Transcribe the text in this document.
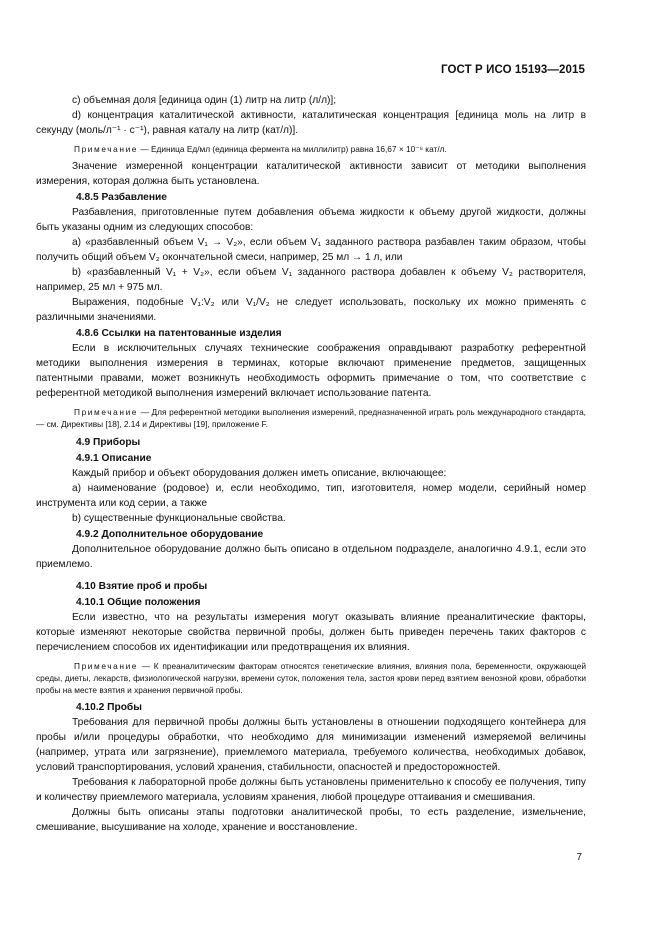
ГОСТ Р ИСО 15193—2015

c) объемная доля [единица один (1) литр на литр (л/л)];

d) концентрация каталитической активности, каталитическая концентрация [единица моль на литр в секунду (моль/л⁻¹ · с⁻¹), равная каталу на литр (кат/л)].

Примечание — Единица Ед/мл (единица фермента на миллилитр) равна 16,67 × 10⁻⁶ кат/л.

Значение измеренной концентрации каталитической активности зависит от методики выполнения измерения, которая должна быть установлена.

4.8.5 Разбавление

Разбавления, приготовленные путем добавления объема жидкости к объему другой жидкости, должны быть указаны одним из следующих способов:

a) «разбавленный объем V₁ → V₂», если объем V₁ заданного раствора разбавлен таким образом, чтобы получить общий объем V₂ окончательной смеси, например, 25 мл → 1 л, или

b) «разбавленный V₁ + V₂», если объем V₁ заданного раствора добавлен к объему V₂ растворителя, например, 25 мл + 975 мл.

Выражения, подобные V₁:V₂ или V₁/V₂ не следует использовать, поскольку их можно применять с различными значениями.

4.8.6 Ссылки на патентованные изделия

Если в исключительных случаях технические соображения оправдывают разработку референтной методики выполнения измерения в терминах, которые включают применение предметов, защищенных патентными правами, может возникнуть необходимость оформить примечание о том, что соответствие с референтной методикой выполнения измерений включает использование патента.

Примечание — Для референтной методики выполнения измерений, предназначенной играть роль международного стандарта, — см. Директивы [18], 2.14 и Директивы [19], приложение F.

4.9 Приборы

4.9.1 Описание

Каждый прибор и объект оборудования должен иметь описание, включающее:

a) наименование (родовое) и, если необходимо, тип, изготовителя, номер модели, серийный номер инструмента или код серии, а также

b) существенные функциональные свойства.

4.9.2 Дополнительное оборудование

Дополнительное оборудование должно быть описано в отдельном подразделе, аналогично 4.9.1, если это приемлемо.

4.10 Взятие проб и пробы

4.10.1 Общие положения

Если известно, что на результаты измерения могут оказывать влияние преаналитические факторы, которые изменяют некоторые свойства первичной пробы, должен быть приведен перечень таких факторов с перечислением способов их идентификации или предотвращения их влияния.

Примечание — К преаналитическим факторам относятся генетические влияния, влияния пола, беременности, окружающей среды, диеты, лекарств, физиологической нагрузки, времени суток, положения тела, застоя крови перед взятием венозной крови, обработки пробы на месте взятия и хранения первичной пробы.

4.10.2 Пробы

Требования для первичной пробы должны быть установлены в отношении подходящего контейнера для пробы и/или процедуры обработки, что необходимо для минимизации изменений измеряемой величины (например, утрата или загрязнение), приемлемого материала, требуемого количества, необходимых добавок, условий транспортирования, условий хранения, стабильности, опасностей и предосторожностей.

Требования к лабораторной пробе должны быть установлены применительно к способу ее получения, типу и количеству приемлемого материала, условиям хранения, любой процедуре оттаивания и смешивания.

Должны быть описаны этапы подготовки аналитической пробы, то есть разделение, измельчение, смешивание, высушивание на холоде, хранение и восстановление.

7
